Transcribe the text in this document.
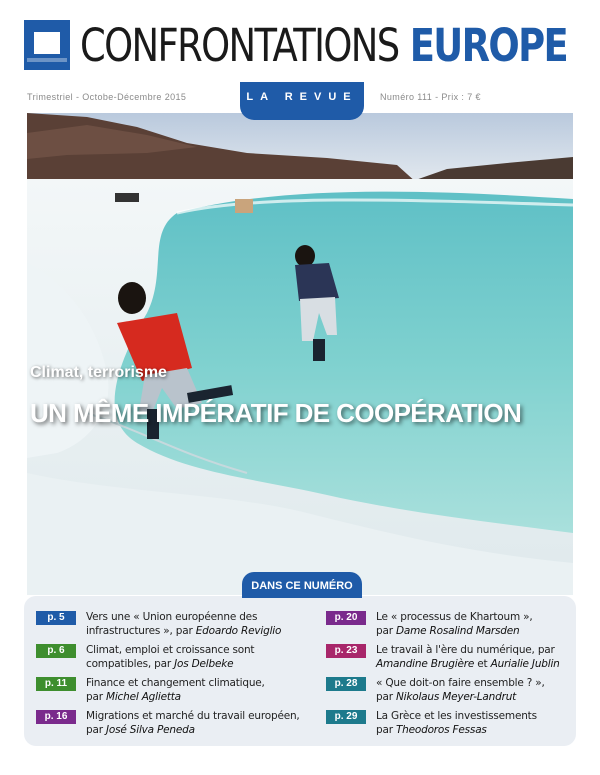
CONFRONTATIONS EUROPE
Trimestriel - Octobe-Décembre 2015	LA REVUE	Numéro 111 - Prix : 7 €
Climat, terrorisme
UN MÊME IMPÉRATIF DE COOPÉRATION
DANS CE NUMÉRO
p. 5	Vers une « Union européenne des
infrastructures », par Edoardo Reviglio
p. 6	Climat, emploi et croissance sont
compatibles, par Jos Delbeke
p. 11	Finance et changement climatique,
par Michel Aglietta
p. 16	Migrations et marché du travail européen,
par José Silva Peneda
p. 20	Le « processus de Khartoum »,
par Dame Rosalind Marsden
p. 23	Le travail à l'ère du numérique, par
Amandine Brugière et Aurialie Jublin
p. 28	« Que doit-on faire ensemble ? »,
par Nikolaus Meyer-Landrut
p. 29	La Grèce et les investissements
par Theodoros Fessas
